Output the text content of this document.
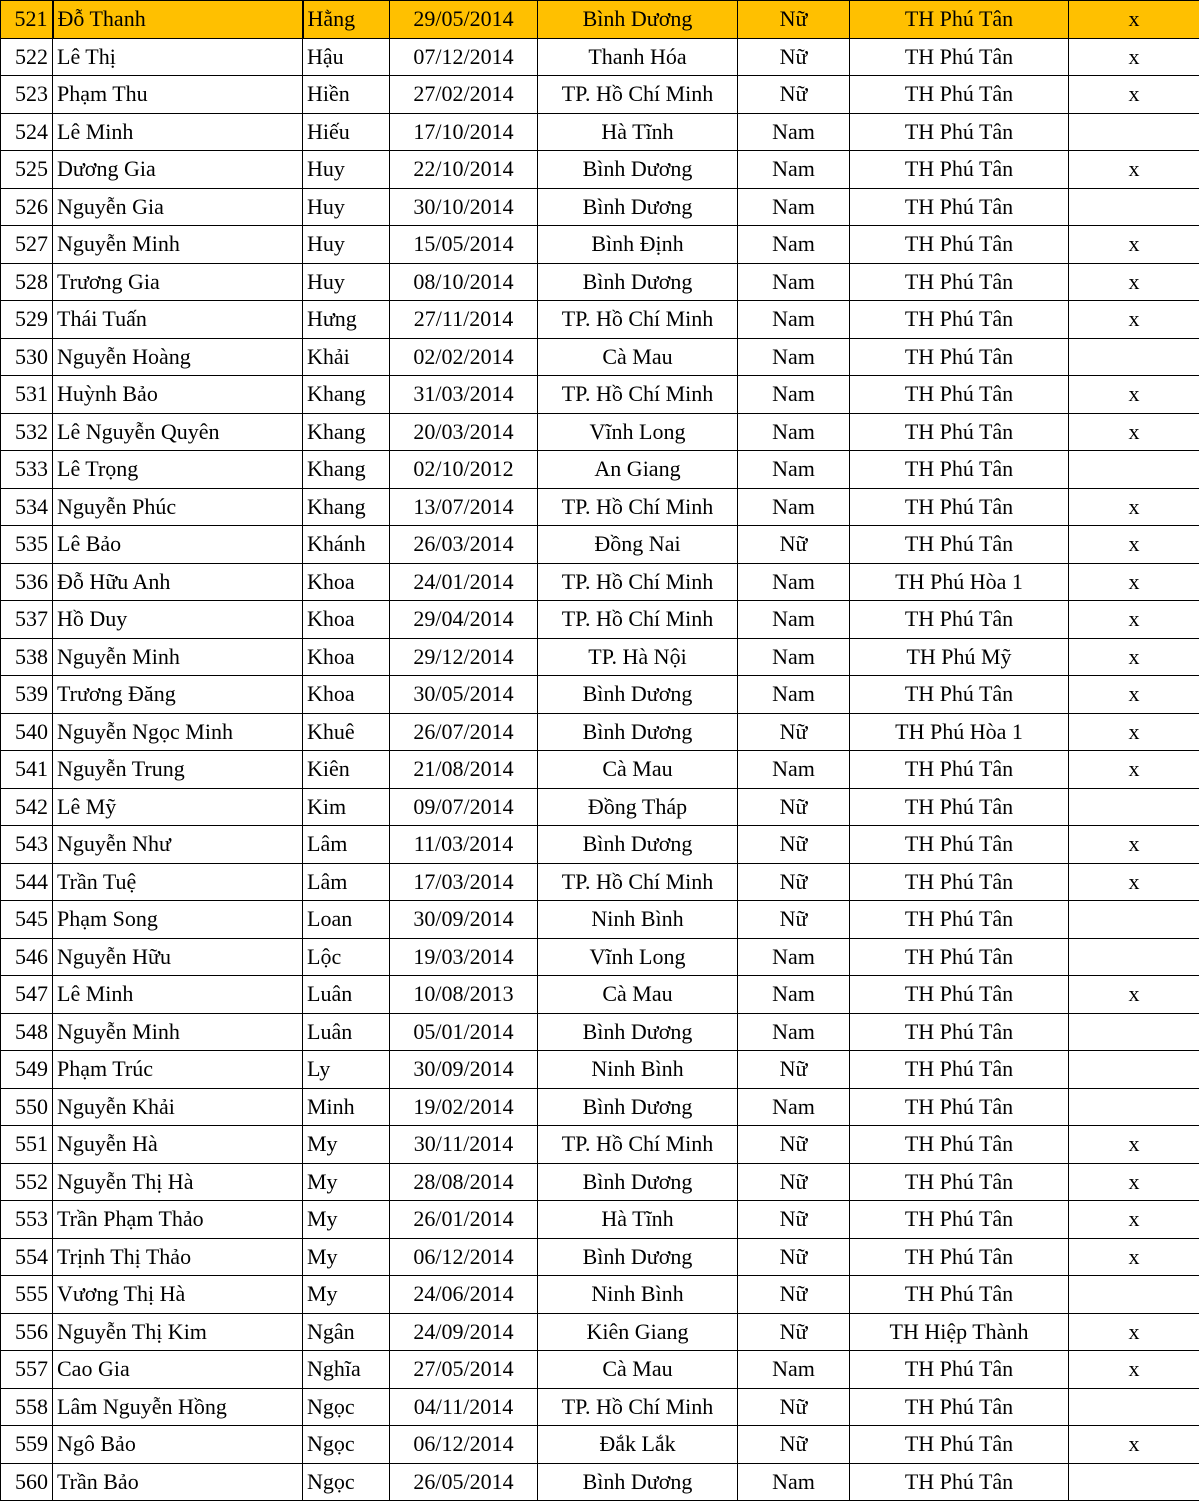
521	Đỗ Thanh	Hằng	29/05/2014	Bình Dương	Nữ	TH Phú Tân	x
522	Lê Thị	Hậu	07/12/2014	Thanh Hóa	Nữ	TH Phú Tân	x
523	Phạm Thu	Hiền	27/02/2014	TP. Hồ Chí Minh	Nữ	TH Phú Tân	x
524	Lê Minh	Hiếu	17/10/2014	Hà Tĩnh	Nam	TH Phú Tân	
525	Dương Gia	Huy	22/10/2014	Bình Dương	Nam	TH Phú Tân	x
526	Nguyễn Gia	Huy	30/10/2014	Bình Dương	Nam	TH Phú Tân	
527	Nguyễn Minh	Huy	15/05/2014	Bình Định	Nam	TH Phú Tân	x
528	Trương Gia	Huy	08/10/2014	Bình Dương	Nam	TH Phú Tân	x
529	Thái Tuấn	Hưng	27/11/2014	TP. Hồ Chí Minh	Nam	TH Phú Tân	x
530	Nguyễn Hoàng	Khải	02/02/2014	Cà Mau	Nam	TH Phú Tân	
531	Huỳnh Bảo	Khang	31/03/2014	TP. Hồ Chí Minh	Nam	TH Phú Tân	x
532	Lê Nguyễn Quyên	Khang	20/03/2014	Vĩnh Long	Nam	TH Phú Tân	x
533	Lê Trọng	Khang	02/10/2012	An Giang	Nam	TH Phú Tân	
534	Nguyễn Phúc	Khang	13/07/2014	TP. Hồ Chí Minh	Nam	TH Phú Tân	x
535	Lê Bảo	Khánh	26/03/2014	Đồng Nai	Nữ	TH Phú Tân	x
536	Đỗ Hữu Anh	Khoa	24/01/2014	TP. Hồ Chí Minh	Nam	TH Phú Hòa 1	x
537	Hồ Duy	Khoa	29/04/2014	TP. Hồ Chí Minh	Nam	TH Phú Tân	x
538	Nguyễn Minh	Khoa	29/12/2014	TP. Hà Nội	Nam	TH Phú Mỹ	x
539	Trương Đăng	Khoa	30/05/2014	Bình Dương	Nam	TH Phú Tân	x
540	Nguyễn Ngọc Minh	Khuê	26/07/2014	Bình Dương	Nữ	TH Phú Hòa 1	x
541	Nguyễn Trung	Kiên	21/08/2014	Cà Mau	Nam	TH Phú Tân	x
542	Lê Mỹ	Kim	09/07/2014	Đồng Tháp	Nữ	TH Phú Tân	
543	Nguyễn Như	Lâm	11/03/2014	Bình Dương	Nữ	TH Phú Tân	x
544	Trần Tuệ	Lâm	17/03/2014	TP. Hồ Chí Minh	Nữ	TH Phú Tân	x
545	Phạm Song	Loan	30/09/2014	Ninh Bình	Nữ	TH Phú Tân	
546	Nguyễn Hữu	Lộc	19/03/2014	Vĩnh Long	Nam	TH Phú Tân	
547	Lê Minh	Luân	10/08/2013	Cà Mau	Nam	TH Phú Tân	x
548	Nguyễn Minh	Luân	05/01/2014	Bình Dương	Nam	TH Phú Tân	
549	Phạm Trúc	Ly	30/09/2014	Ninh Bình	Nữ	TH Phú Tân	
550	Nguyễn Khải	Minh	19/02/2014	Bình Dương	Nam	TH Phú Tân	
551	Nguyễn Hà	My	30/11/2014	TP. Hồ Chí Minh	Nữ	TH Phú Tân	x
552	Nguyễn Thị Hà	My	28/08/2014	Bình Dương	Nữ	TH Phú Tân	x
553	Trần Phạm Thảo	My	26/01/2014	Hà Tĩnh	Nữ	TH Phú Tân	x
554	Trịnh Thị Thảo	My	06/12/2014	Bình Dương	Nữ	TH Phú Tân	x
555	Vương Thị Hà	My	24/06/2014	Ninh Bình	Nữ	TH Phú Tân	
556	Nguyễn Thị Kim	Ngân	24/09/2014	Kiên Giang	Nữ	TH Hiệp Thành	x
557	Cao Gia	Nghĩa	27/05/2014	Cà Mau	Nam	TH Phú Tân	x
558	Lâm Nguyễn Hồng	Ngọc	04/11/2014	TP. Hồ Chí Minh	Nữ	TH Phú Tân	
559	Ngô Bảo	Ngọc	06/12/2014	Đắk Lắk	Nữ	TH Phú Tân	x
560	Trần Bảo	Ngọc	26/05/2014	Bình Dương	Nam	TH Phú Tân	
